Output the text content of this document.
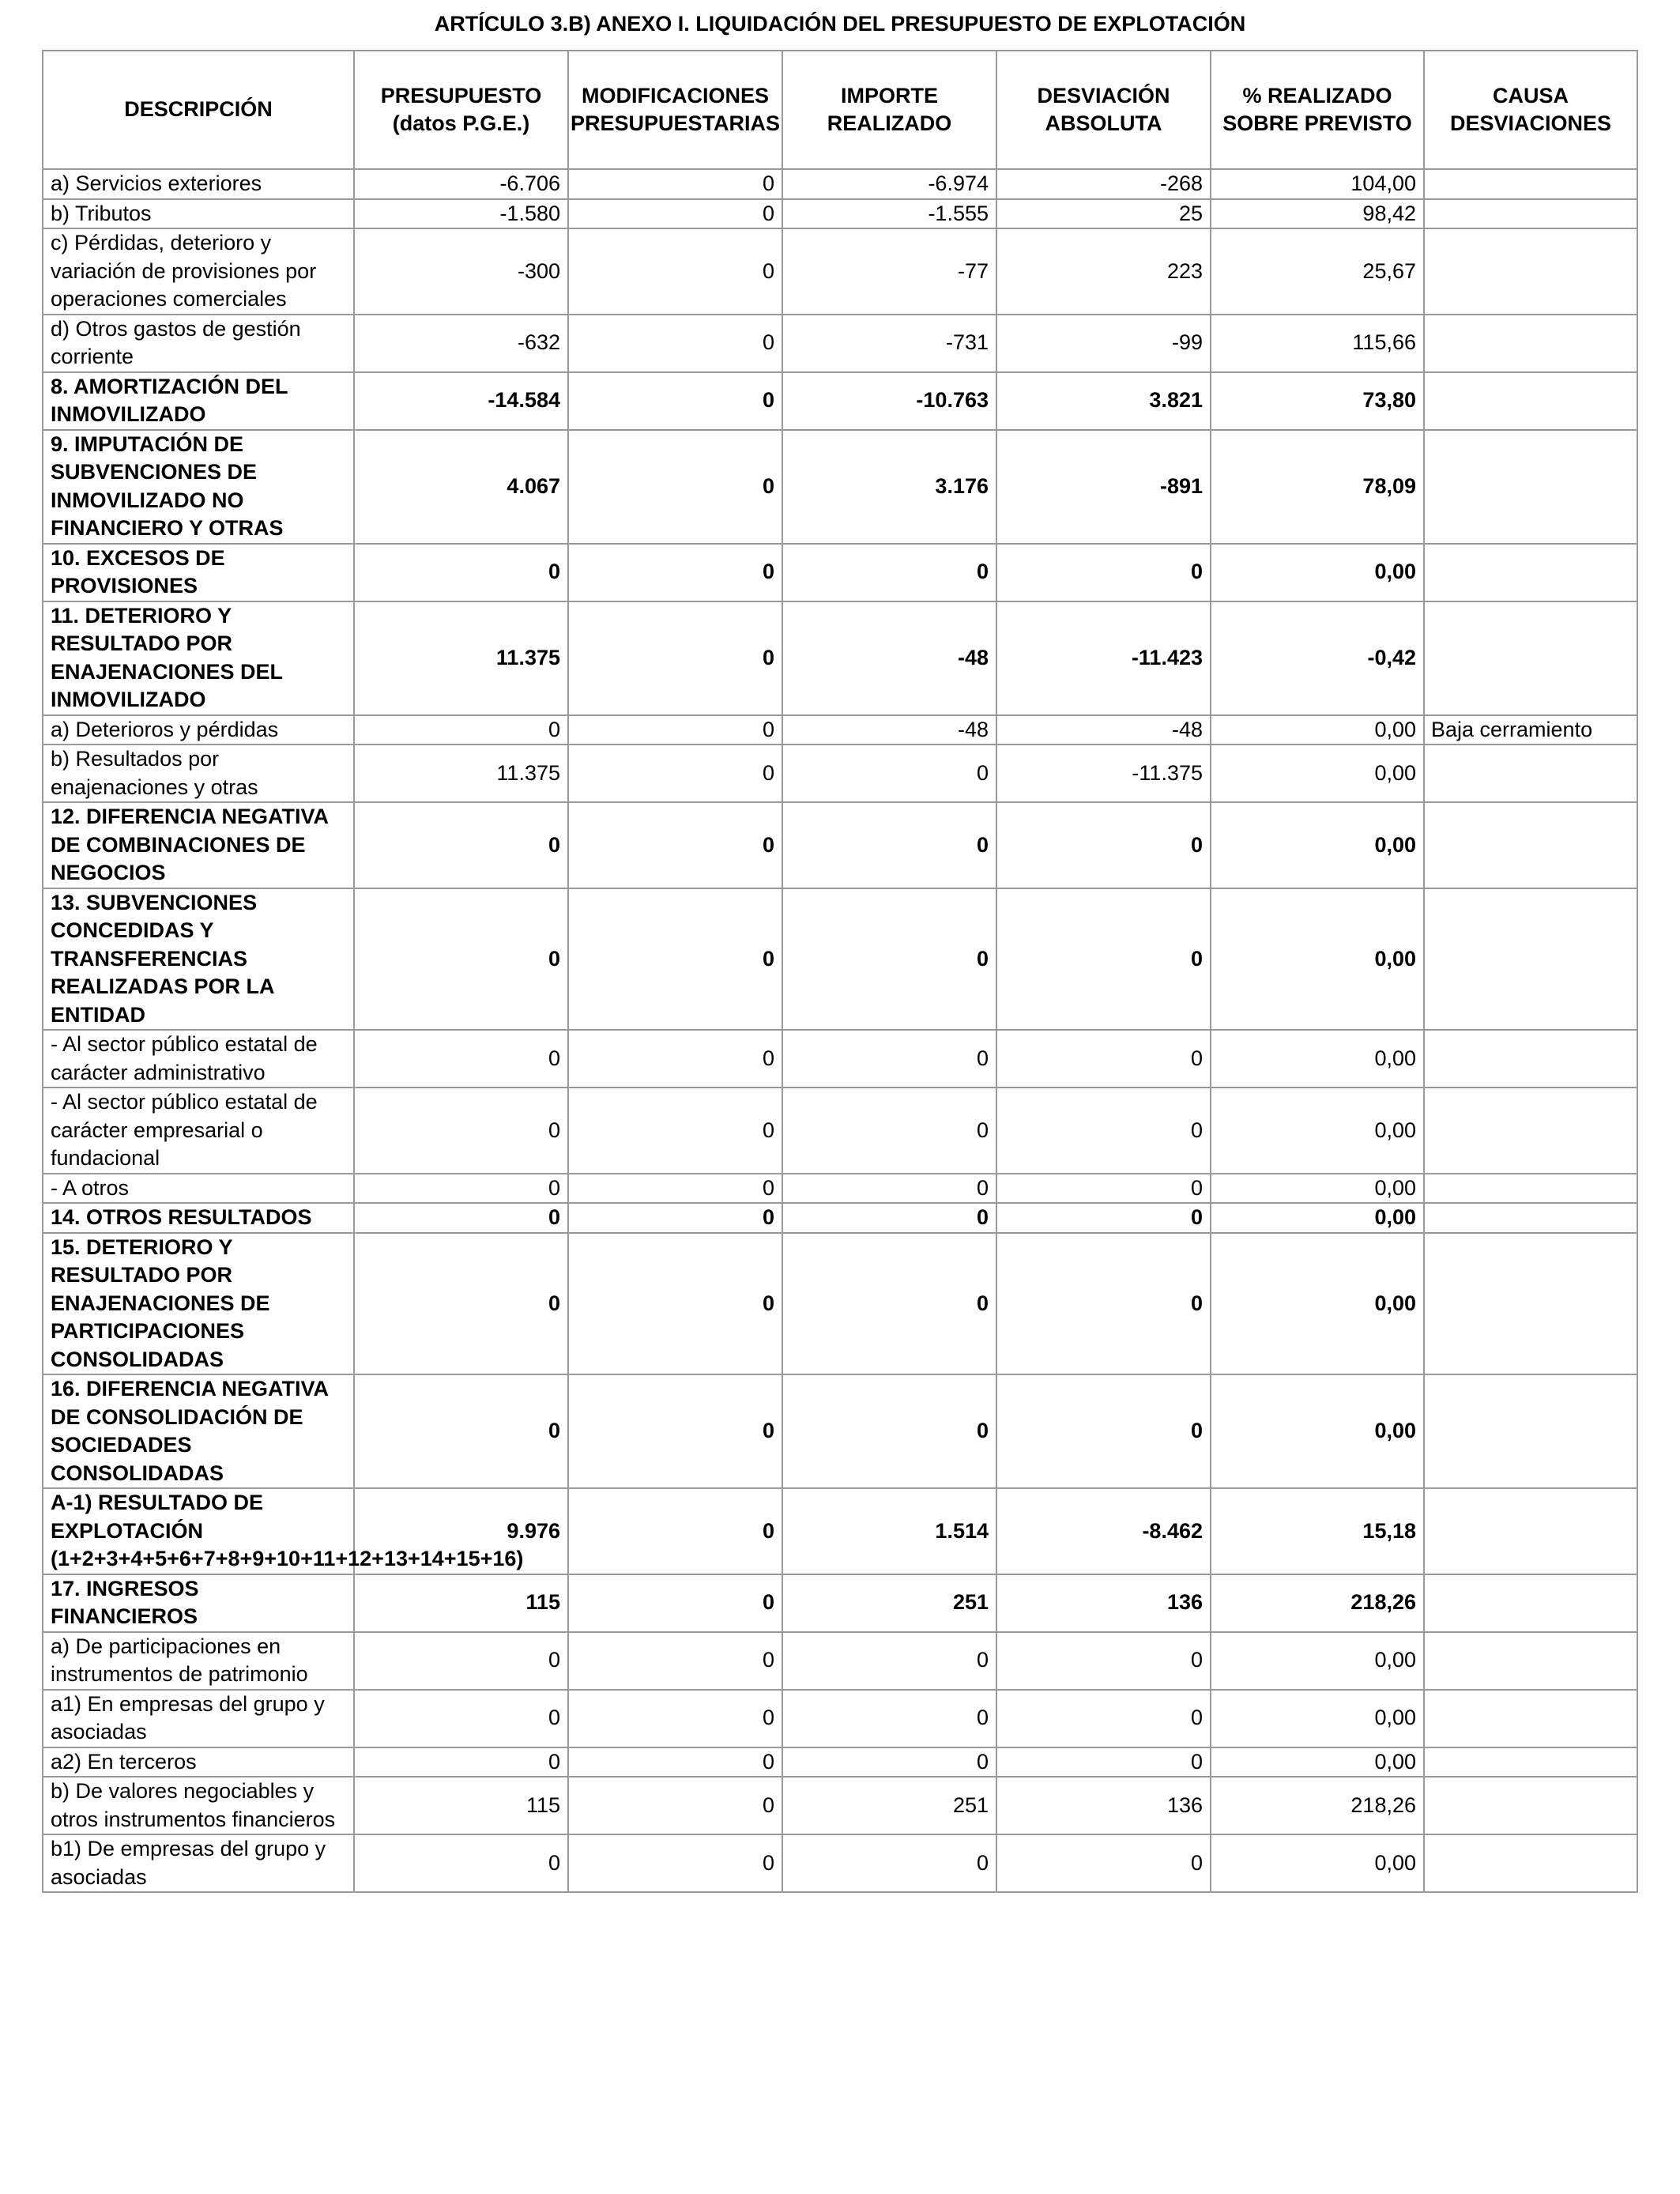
ARTÍCULO 3.B) ANEXO I. LIQUIDACIÓN DEL PRESUPUESTO DE EXPLOTACIÓN
DESCRIPCIÓN	PRESUPUESTO (datos P.G.E.)	MODIFICACIONES PRESUPUESTARIAS	IMPORTE REALIZADO	DESVIACIÓN ABSOLUTA	% REALIZADO SOBRE PREVISTO	CAUSA DESVIACIONES
a) Servicios exteriores	-6.706	0	-6.974	-268	104,00	
b) Tributos	-1.580	0	-1.555	25	98,42	
c) Pérdidas, deterioro y variación de provisiones por operaciones comerciales	-300	0	-77	223	25,67	
d) Otros gastos de gestión corriente	-632	0	-731	-99	115,66	
8. AMORTIZACIÓN DEL INMOVILIZADO	-14.584	0	-10.763	3.821	73,80	
9. IMPUTACIÓN DE SUBVENCIONES DE INMOVILIZADO NO FINANCIERO Y OTRAS	4.067	0	3.176	-891	78,09	
10. EXCESOS DE PROVISIONES	0	0	0	0	0,00	
11. DETERIORO Y RESULTADO POR ENAJENACIONES DEL INMOVILIZADO	11.375	0	-48	-11.423	-0,42	
a) Deterioros y pérdidas	0	0	-48	-48	0,00	Baja cerramiento
b) Resultados por enajenaciones y otras	11.375	0	0	-11.375	0,00	
12. DIFERENCIA NEGATIVA DE COMBINACIONES DE NEGOCIOS	0	0	0	0	0,00	
13. SUBVENCIONES CONCEDIDAS Y TRANSFERENCIAS REALIZADAS POR LA ENTIDAD	0	0	0	0	0,00	
- Al sector público estatal de carácter administrativo	0	0	0	0	0,00	
- Al sector público estatal de carácter empresarial o fundacional	0	0	0	0	0,00	
- A otros	0	0	0	0	0,00	
14. OTROS RESULTADOS	0	0	0	0	0,00	
15. DETERIORO Y RESULTADO POR ENAJENACIONES DE PARTICIPACIONES CONSOLIDADAS	0	0	0	0	0,00	
16. DIFERENCIA NEGATIVA DE CONSOLIDACIÓN DE SOCIEDADES CONSOLIDADAS	0	0	0	0	0,00	
A-1) RESULTADO DE EXPLOTACIÓN (1+2+3+4+5+6+7+8+9+10+11+12+13+14+15+16)	9.976	0	1.514	-8.462	15,18	
17. INGRESOS FINANCIEROS	115	0	251	136	218,26	
a) De participaciones en instrumentos de patrimonio	0	0	0	0	0,00	
a1) En empresas del grupo y asociadas	0	0	0	0	0,00	
a2) En terceros	0	0	0	0	0,00	
b) De valores negociables y otros instrumentos financieros	115	0	251	136	218,26	
b1) De empresas del grupo y asociadas	0	0	0	0	0,00	
